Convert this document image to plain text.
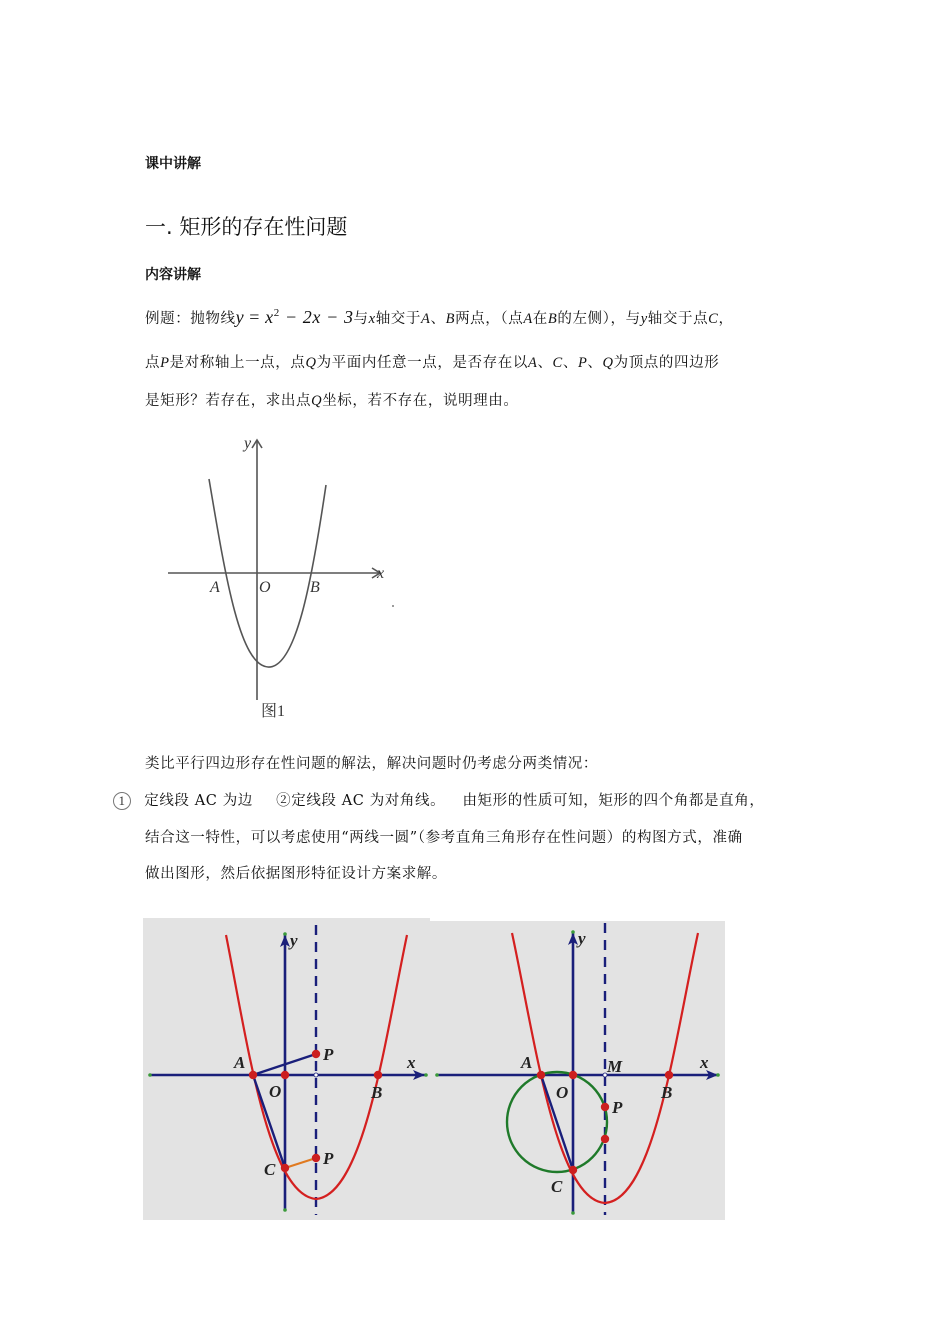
课中讲解
一. 矩形的存在性问题
内容讲解
例题：抛物线$y = x^2 - 2x - 3$与x轴交于A、B两点，（点A在B的左侧），与y轴交于点C，
点P是对称轴上一点，点Q为平面内任意一点，是否存在以A、C、P、Q为顶点的四边形
是矩形？若存在，求出点Q坐标，若不存在，说明理由。
y
x
A O B
图1
类比平行四边形存在性问题的解法，解决问题时仍考虑分两类情况：
1 定线段 AC 为边 ②定线段 AC 为对角线。 由矩形的性质可知，矩形的四个角都是直角，
结合这一特性，可以考虑使用“两线一圆”（参考直角三角形存在性问题）的构图方式，准确
做出图形，然后依据图形特征设计方案求解。
y
x
A
O	B
C
P
P
y
x
A
O	B
C
M
P
